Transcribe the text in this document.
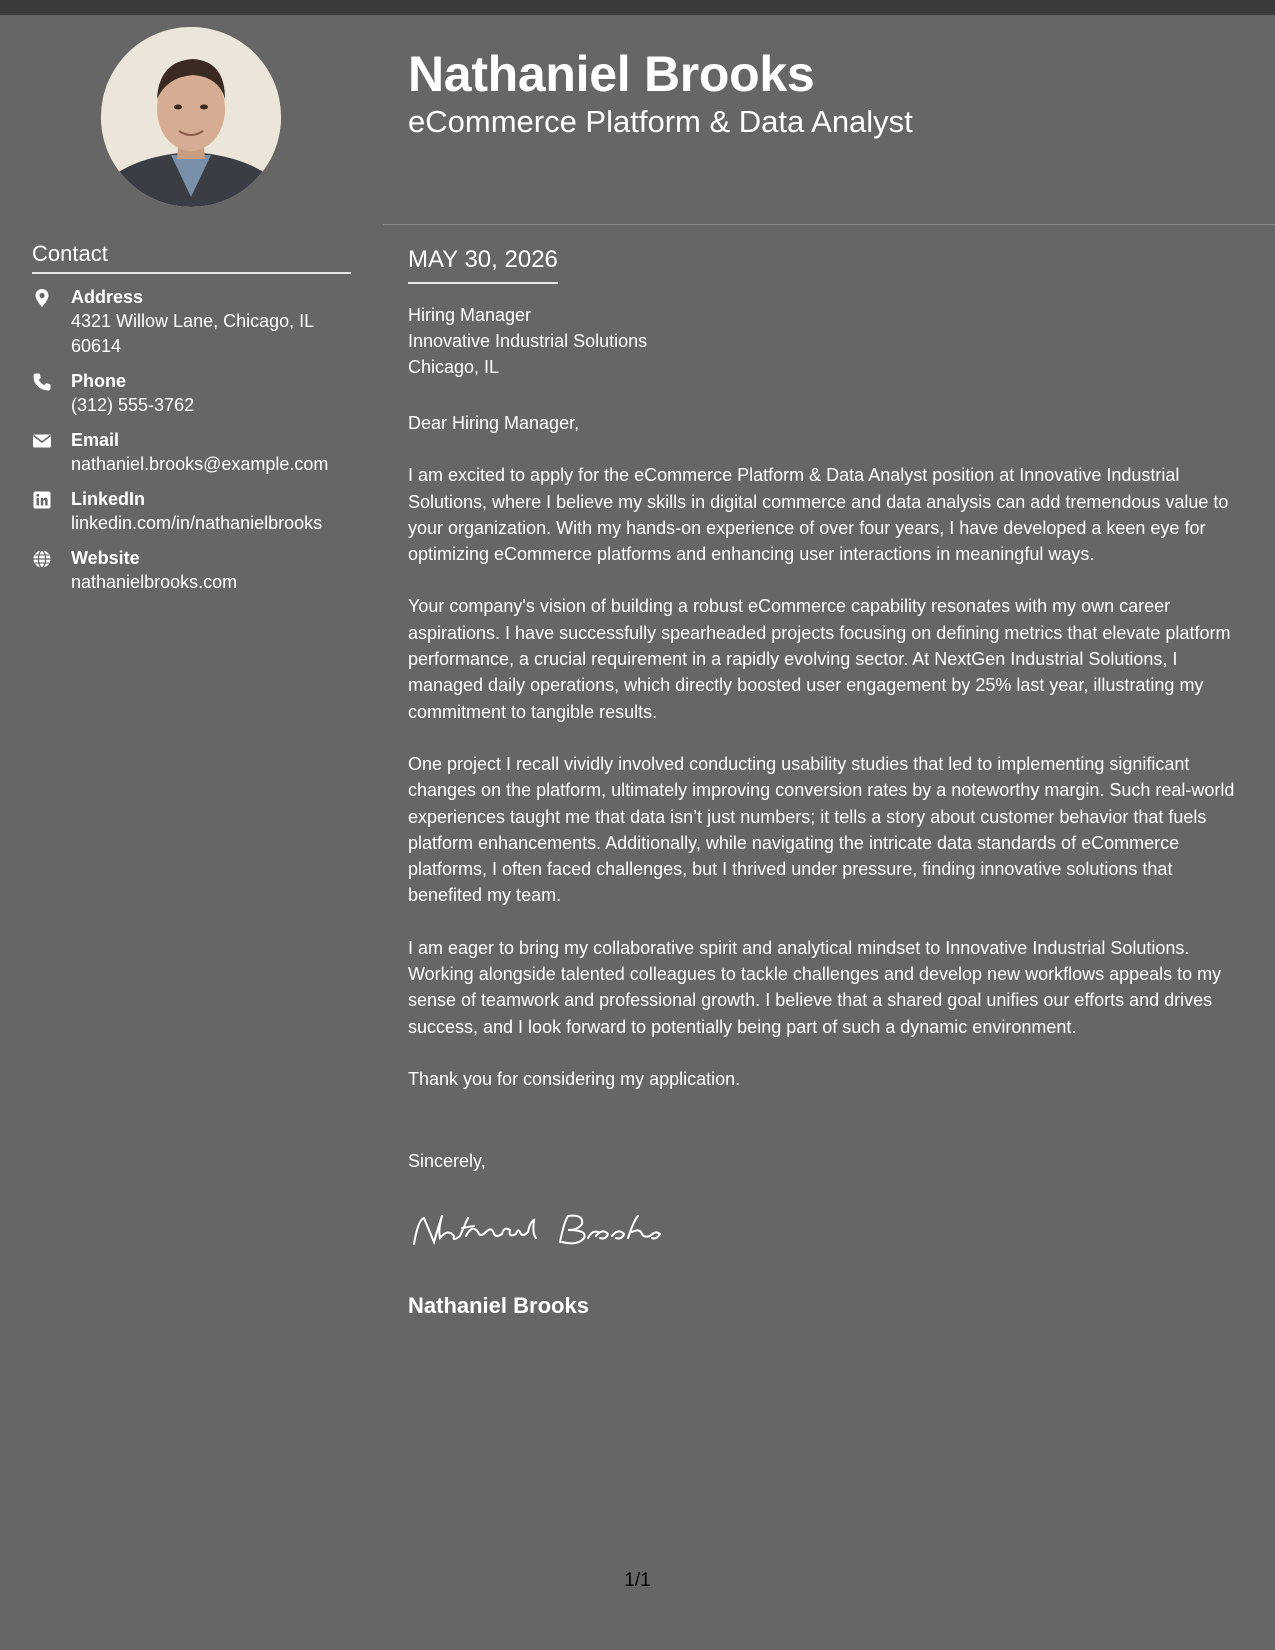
Nathaniel Brooks
eCommerce Platform & Data Analyst
Contact
Address
4321 Willow Lane, Chicago, IL 60614
Phone
(312) 555-3762
Email
nathaniel.brooks@example.com
LinkedIn
linkedin.com/in/nathanielbrooks
Website
nathanielbrooks.com
MAY 30, 2026
Hiring Manager
Innovative Industrial Solutions
Chicago, IL

Dear Hiring Manager,

I am excited to apply for the eCommerce Platform & Data Analyst position at Innovative Industrial Solutions, where I believe my skills in digital commerce and data analysis can add tremendous value to your organization. With my hands-on experience of over four years, I have developed a keen eye for optimizing eCommerce platforms and enhancing user interactions in meaningful ways.

Your company's vision of building a robust eCommerce capability resonates with my own career aspirations. I have successfully spearheaded projects focusing on defining metrics that elevate platform performance, a crucial requirement in a rapidly evolving sector. At NextGen Industrial Solutions, I managed daily operations, which directly boosted user engagement by 25% last year, illustrating my commitment to tangible results.

One project I recall vividly involved conducting usability studies that led to implementing significant changes on the platform, ultimately improving conversion rates by a noteworthy margin. Such real-world experiences taught me that data isn’t just numbers; it tells a story about customer behavior that fuels platform enhancements. Additionally, while navigating the intricate data standards of eCommerce platforms, I often faced challenges, but I thrived under pressure, finding innovative solutions that benefited my team.

I am eager to bring my collaborative spirit and analytical mindset to Innovative Industrial Solutions. Working alongside talented colleagues to tackle challenges and develop new workflows appeals to my sense of teamwork and professional growth. I believe that a shared goal unifies our efforts and drives success, and I look forward to potentially being part of such a dynamic environment.

Thank you for considering my application.

Sincerely,
Nathaniel Brooks
1/1
